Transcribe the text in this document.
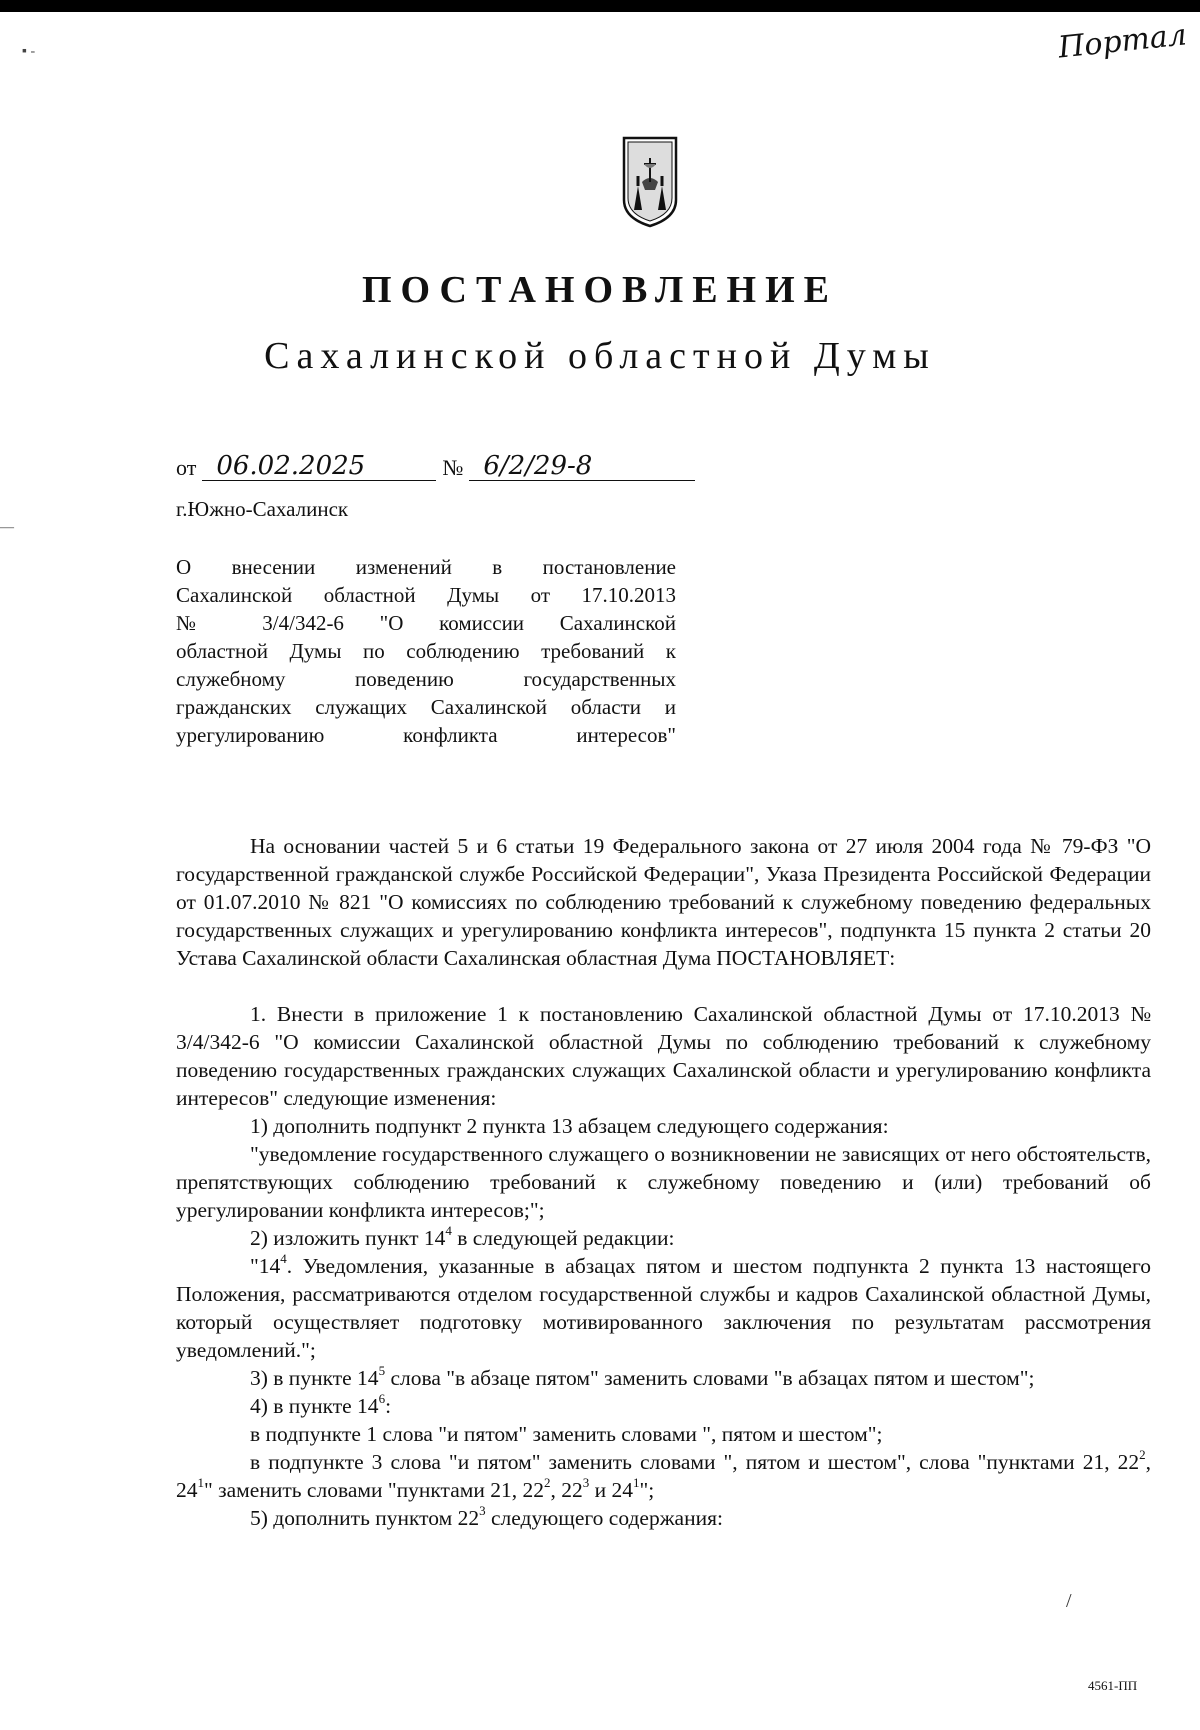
Портал
▪ -
—
ПОСТАНОВЛЕНИЕ
Сахалинской областной Думы
от 06.02.2025	№ 6/2/29-8
г.Южно-Сахалинск

О внесении изменений в постановление

Сахалинской областной Думы от 17.10.2013

№ 3/4/342-6 "О комиссии Сахалинской

областной Думы по соблюдению требований к

служебному поведению государственных

гражданских служащих Сахалинской области и

урегулированию конфликта интересов"

На основании частей 5 и 6 статьи 19 Федерального закона от 27 июля 2004 года № 79-ФЗ "О государственной гражданской службе Российской Федерации", Указа Президента Российской Федерации от 01.07.2010 № 821 "О комиссиях по соблюдению требований к служебному поведению федеральных государственных служащих и урегулированию конфликта интересов", подпункта 15 пункта 2 статьи 20 Устава Сахалинской области Сахалинская областная Дума ПОСТАНОВЛЯЕТ:

1. Внести в приложение 1 к постановлению Сахалинской областной Думы от 17.10.2013 № 3/4/342-6 "О комиссии Сахалинской областной Думы по соблюдению требований к служебному поведению государственных гражданских служащих Сахалинской области и урегулированию конфликта интересов" следующие изменения:

1) дополнить подпункт 2 пункта 13 абзацем следующего содержания:

"уведомление государственного служащего о возникновении не зависящих от него обстоятельств, препятствующих соблюдению требований к служебному поведению и (или) требований об урегулировании конфликта интересов;";

2) изложить пункт $14^4$ в следующей редакции:

"$14^4$. Уведомления, указанные в абзацах пятом и шестом подпункта 2 пункта 13 настоящего Положения, рассматриваются отделом государственной службы и кадров Сахалинской областной Думы, который осуществляет подготовку мотивированного заключения по результатам рассмотрения уведомлений.";

3) в пункте $14^5$ слова "в абзаце пятом" заменить словами "в абзацах пятом и шестом";

4) в пункте $14^6$:

в подпункте 1 слова "и пятом" заменить словами ", пятом и шестом";

в подпункте 3 слова "и пятом" заменить словами ", пятом и шестом", слова "пунктами 21, $22^2$, $24^1$" заменить словами "пунктами 21, $22^2$, $22^3$ и $24^1$";

5) дополнить пунктом $22^3$ следующего содержания:

/
4561-ПП
